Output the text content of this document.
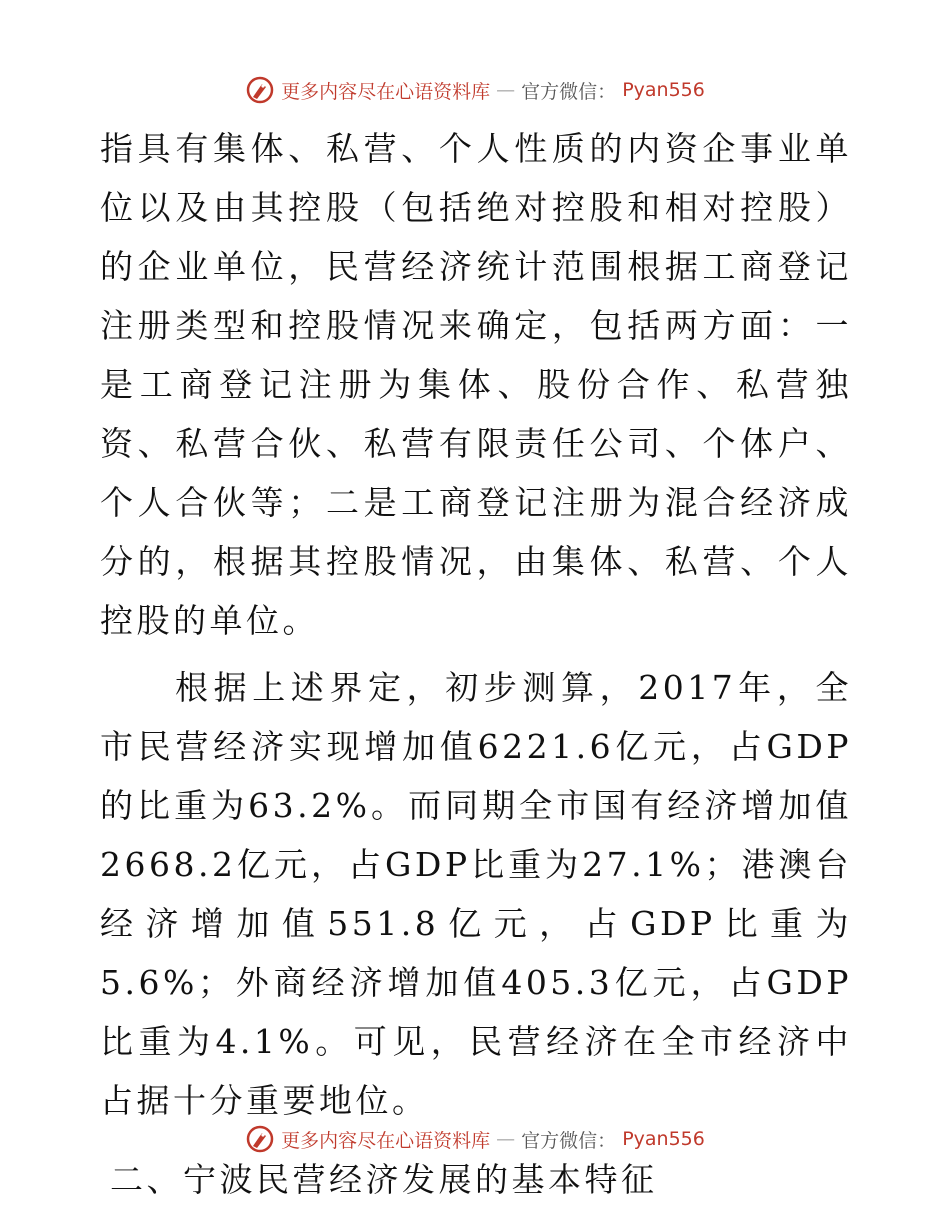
更多内容尽在心语资料库 — 官方微信： Pyan556

指具有集体、私营、个人性质的内资企事业单位以及由其控股（包括绝对控股和相对控股）的企业单位，民营经济统计范围根据工商登记注册类型和控股情况来确定，包括两方面：一是工商登记注册为集体、股份合作、私营独资、私营合伙、私营有限责任公司、个体户、个人合伙等；二是工商登记注册为混合经济成分的，根据其控股情况，由集体、私营、个人控股的单位。

根据上述界定，初步测算，2017年，全市民营经济实现增加值6221.6亿元，占GDP的比重为63.2%。而同期全市国有经济增加值2668.2亿元，占GDP比重为27.1%；港澳台经济增加值551.8亿元，占GDP比重为5.6%；外商经济增加值405.3亿元，占GDP比重为4.1%。可见，民营经济在全市经济中占据十分重要地位。

二、宁波民营经济发展的基本特征
更多内容尽在心语资料库 — 官方微信： Pyan556
